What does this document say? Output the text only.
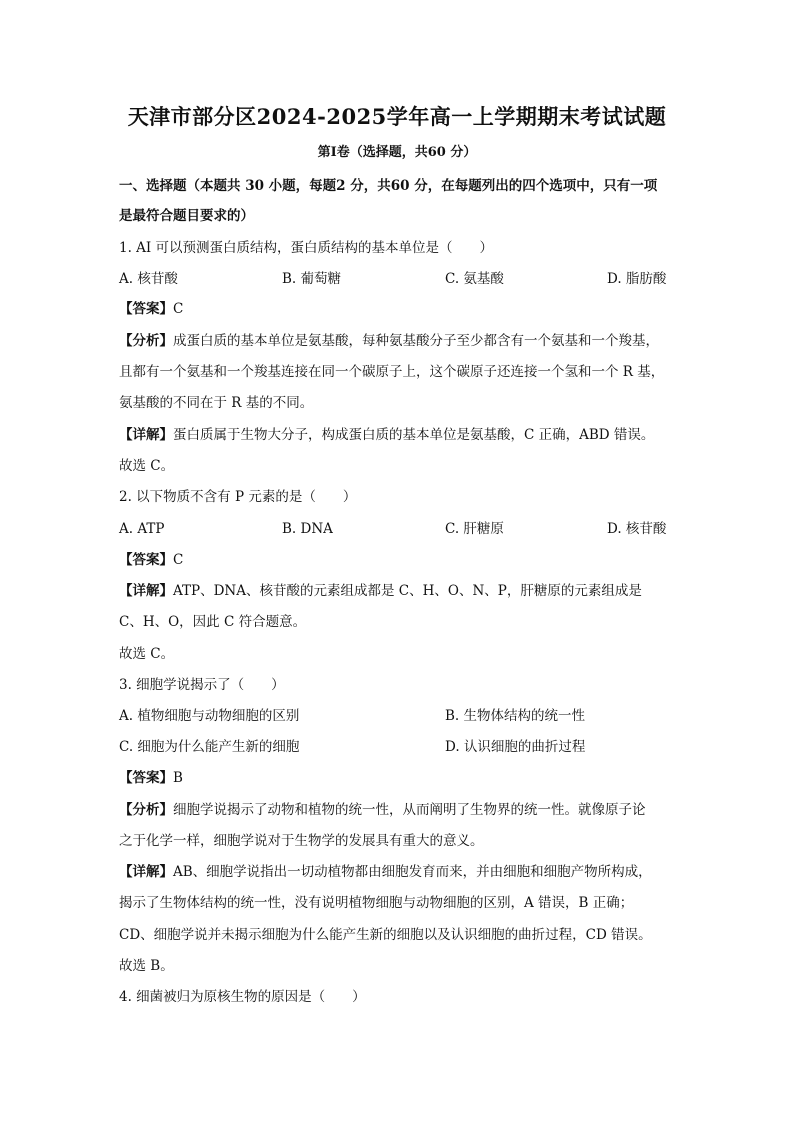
天津市部分区2024-2025学年高一上学期期末考试试题
第Ⅰ卷（选择题，共60 分）
一、选择题（本题共 30 小题，每题2 分，共60 分，在每题列出的四个选项中，只有一项
是最符合题目要求的）
1. AI 可以预测蛋白质结构，蛋白质结构的基本单位是（　　）
A. 核苷酸	B. 葡萄糖	C. 氨基酸	D. 脂肪酸
【答案】C
【分析】成蛋白质的基本单位是氨基酸，每种氨基酸分子至少都含有一个氨基和一个羧基，
且都有一个氨基和一个羧基连接在同一个碳原子上，这个碳原子还连接一个氢和一个 R 基，
氨基酸的不同在于 R 基的不同。
【详解】蛋白质属于生物大分子，构成蛋白质的基本单位是氨基酸，C 正确，ABD 错误。
故选 C。
2. 以下物质不含有 P 元素的是（　　）
A. ATP	B. DNA	C. 肝糖原	D. 核苷酸
【答案】C
【详解】ATP、DNA、核苷酸的元素组成都是 C、H、O、N、P，肝糖原的元素组成是
C、H、O，因此 C 符合题意。
故选 C。
3. 细胞学说揭示了（　　）
A. 植物细胞与动物细胞的区别	B. 生物体结构的统一性
C. 细胞为什么能产生新的细胞	D. 认识细胞的曲折过程
【答案】B
【分析】细胞学说揭示了动物和植物的统一性，从而阐明了生物界的统一性。就像原子论
之于化学一样，细胞学说对于生物学的发展具有重大的意义。
【详解】AB、细胞学说指出一切动植物都由细胞发育而来，并由细胞和细胞产物所构成，
揭示了生物体结构的统一性，没有说明植物细胞与动物细胞的区别，A 错误，B 正确；
CD、细胞学说并未揭示细胞为什么能产生新的细胞以及认识细胞的曲折过程，CD 错误。
故选 B。
4. 细菌被归为原核生物的原因是（　　）
